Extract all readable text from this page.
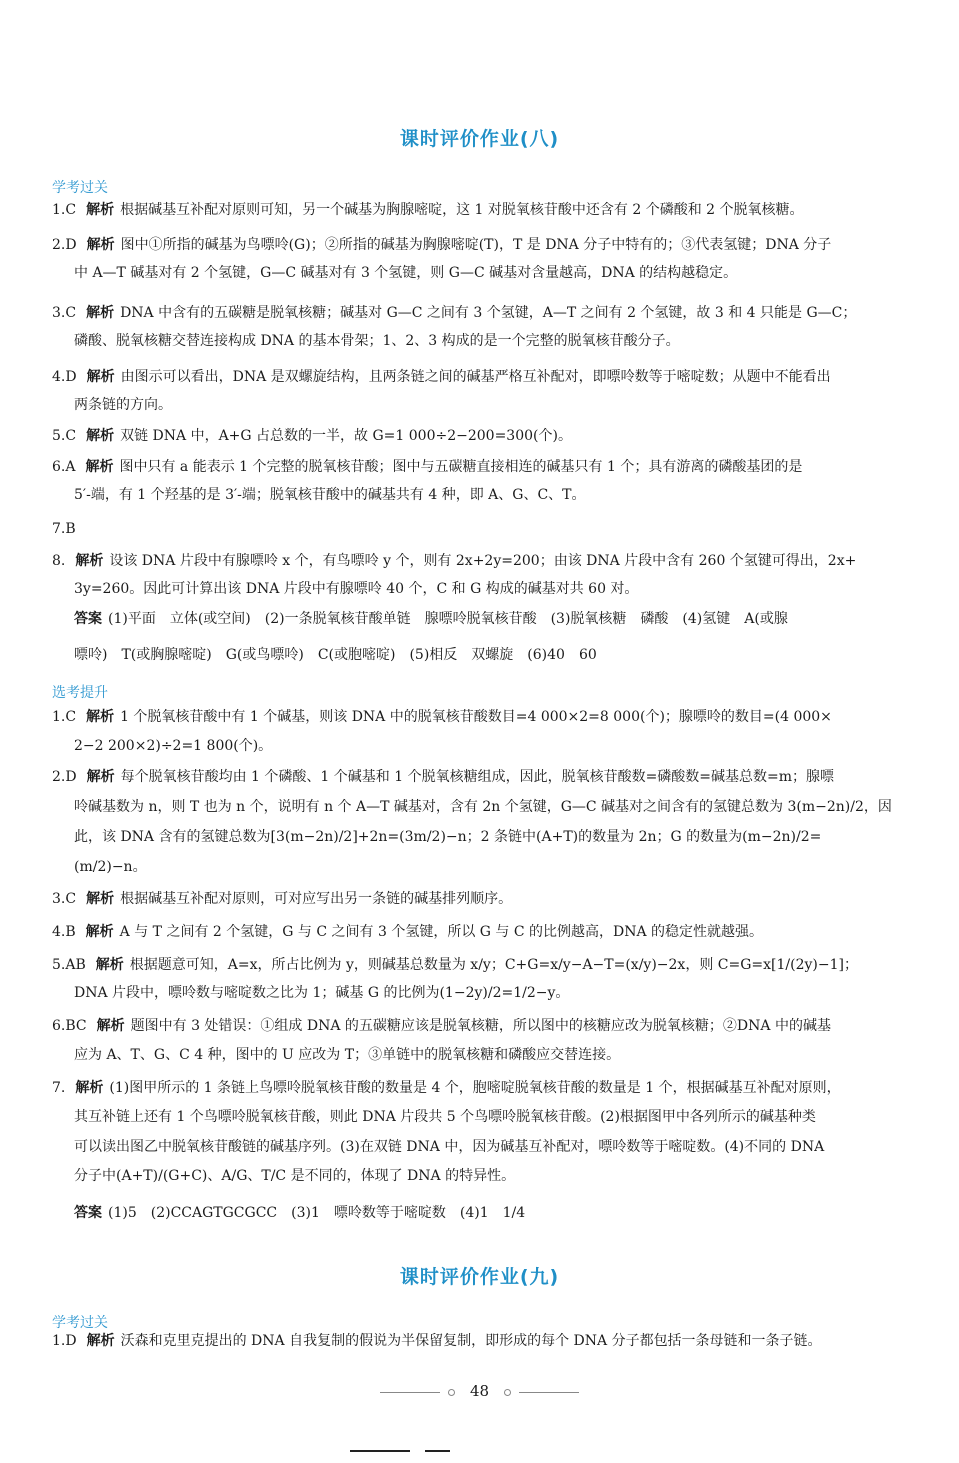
课时评价作业(八)
学考过关
1.C 解析 根据碱基互补配对原则可知，另一个碱基为胸腺嘧啶，这 1 对脱氧核苷酸中还含有 2 个磷酸和 2 个脱氧核糖。
2.D 解析 图中①所指的碱基为鸟嘌呤(G)；②所指的碱基为胸腺嘧啶(T)，T 是 DNA 分子中特有的；③代表氢键；DNA 分子
中 A—T 碱基对有 2 个氢键，G—C 碱基对有 3 个氢键，则 G—C 碱基对含量越高，DNA 的结构越稳定。
3.C 解析 DNA 中含有的五碳糖是脱氧核糖；碱基对 G—C 之间有 3 个氢键，A—T 之间有 2 个氢键，故 3 和 4 只能是 G—C；
磷酸、脱氧核糖交替连接构成 DNA 的基本骨架；1、2、3 构成的是一个完整的脱氧核苷酸分子。
4.D 解析 由图示可以看出，DNA 是双螺旋结构，且两条链之间的碱基严格互补配对，即嘌呤数等于嘧啶数；从题中不能看出
两条链的方向。
5.C 解析 双链 DNA 中，A+G 占总数的一半，故 G=1 000÷2−200=300(个)。
6.A 解析 图中只有 a 能表示 1 个完整的脱氧核苷酸；图中与五碳糖直接相连的碱基只有 1 个；具有游离的磷酸基团的是
5′-端，有 1 个羟基的是 3′-端；脱氧核苷酸中的碱基共有 4 种，即 A、G、C、T。
7.B
8. 解析 设该 DNA 片段中有腺嘌呤 x 个，有鸟嘌呤 y 个，则有 2x+2y=200；由该 DNA 片段中含有 260 个氢键可得出，2x+
3y=260。因此可计算出该 DNA 片段中有腺嘌呤 40 个，C 和 G 构成的碱基对共 60 对。
答案 (1)平面　立体(或空间)　(2)一条脱氧核苷酸单链　腺嘌呤脱氧核苷酸　(3)脱氧核糖　磷酸　(4)氢键　A(或腺
嘌呤)　T(或胸腺嘧啶)　G(或鸟嘌呤)　C(或胞嘧啶)　(5)相反　双螺旋　(6)40　60
1.C 解析 1 个脱氧核苷酸中有 1 个碱基，则该 DNA 中的脱氧核苷酸数目=4 000×2=8 000(个)；腺嘌呤的数目=(4 000×
2−2 200×2)÷2=1 800(个)。
2.D 解析 每个脱氧核苷酸均由 1 个磷酸、1 个碱基和 1 个脱氧核糖组成，因此，脱氧核苷酸数=磷酸数=碱基总数=m；腺嘌
呤碱基数为 n，则 T 也为 n 个，说明有 n 个 A—T 碱基对，含有 2n 个氢键，G—C 碱基对之间含有的氢键总数为 3(m−2n)/2，因
此，该 DNA 含有的氢键总数为[3(m−2n)/2]+2n=(3m/2)−n；2 条链中(A+T)的数量为 2n；G 的数量为(m−2n)/2=
(m/2)−n。
3.C 解析 根据碱基互补配对原则，可对应写出另一条链的碱基排列顺序。
4.B 解析 A 与 T 之间有 2 个氢键，G 与 C 之间有 3 个氢键，所以 G 与 C 的比例越高，DNA 的稳定性就越强。
5.AB 解析 根据题意可知，A=x，所占比例为 y，则碱基总数量为 x/y；C+G=x/y−A−T=(x/y)−2x，则 C=G=x[1/(2y)−1]；
DNA 片段中，嘌呤数与嘧啶数之比为 1；碱基 G 的比例为(1−2y)/2=1/2−y。
6.BC 解析 题图中有 3 处错误：①组成 DNA 的五碳糖应该是脱氧核糖，所以图中的核糖应改为脱氧核糖；②DNA 中的碱基
应为 A、T、G、C 4 种，图中的 U 应改为 T；③单链中的脱氧核糖和磷酸应交替连接。
7. 解析 (1)图甲所示的 1 条链上鸟嘌呤脱氧核苷酸的数量是 4 个，胞嘧啶脱氧核苷酸的数量是 1 个，根据碱基互补配对原则，
其互补链上还有 1 个鸟嘌呤脱氧核苷酸，则此 DNA 片段共 5 个鸟嘌呤脱氧核苷酸。(2)根据图甲中各列所示的碱基种类
可以读出图乙中脱氧核苷酸链的碱基序列。(3)在双链 DNA 中，因为碱基互补配对，嘌呤数等于嘧啶数。(4)不同的 DNA
分子中(A+T)/(G+C)、A/G、T/C 是不同的，体现了 DNA 的特异性。
答案 (1)5　(2)CCAGTGCGCC　(3)1　嘌呤数等于嘧啶数　(4)1　1/4
1.D 解析 沃森和克里克提出的 DNA 自我复制的假说为半保留复制，即形成的每个 DNA 分子都包括一条母链和一条子链。
选考提升
课时评价作业(九)
学考过关
48
